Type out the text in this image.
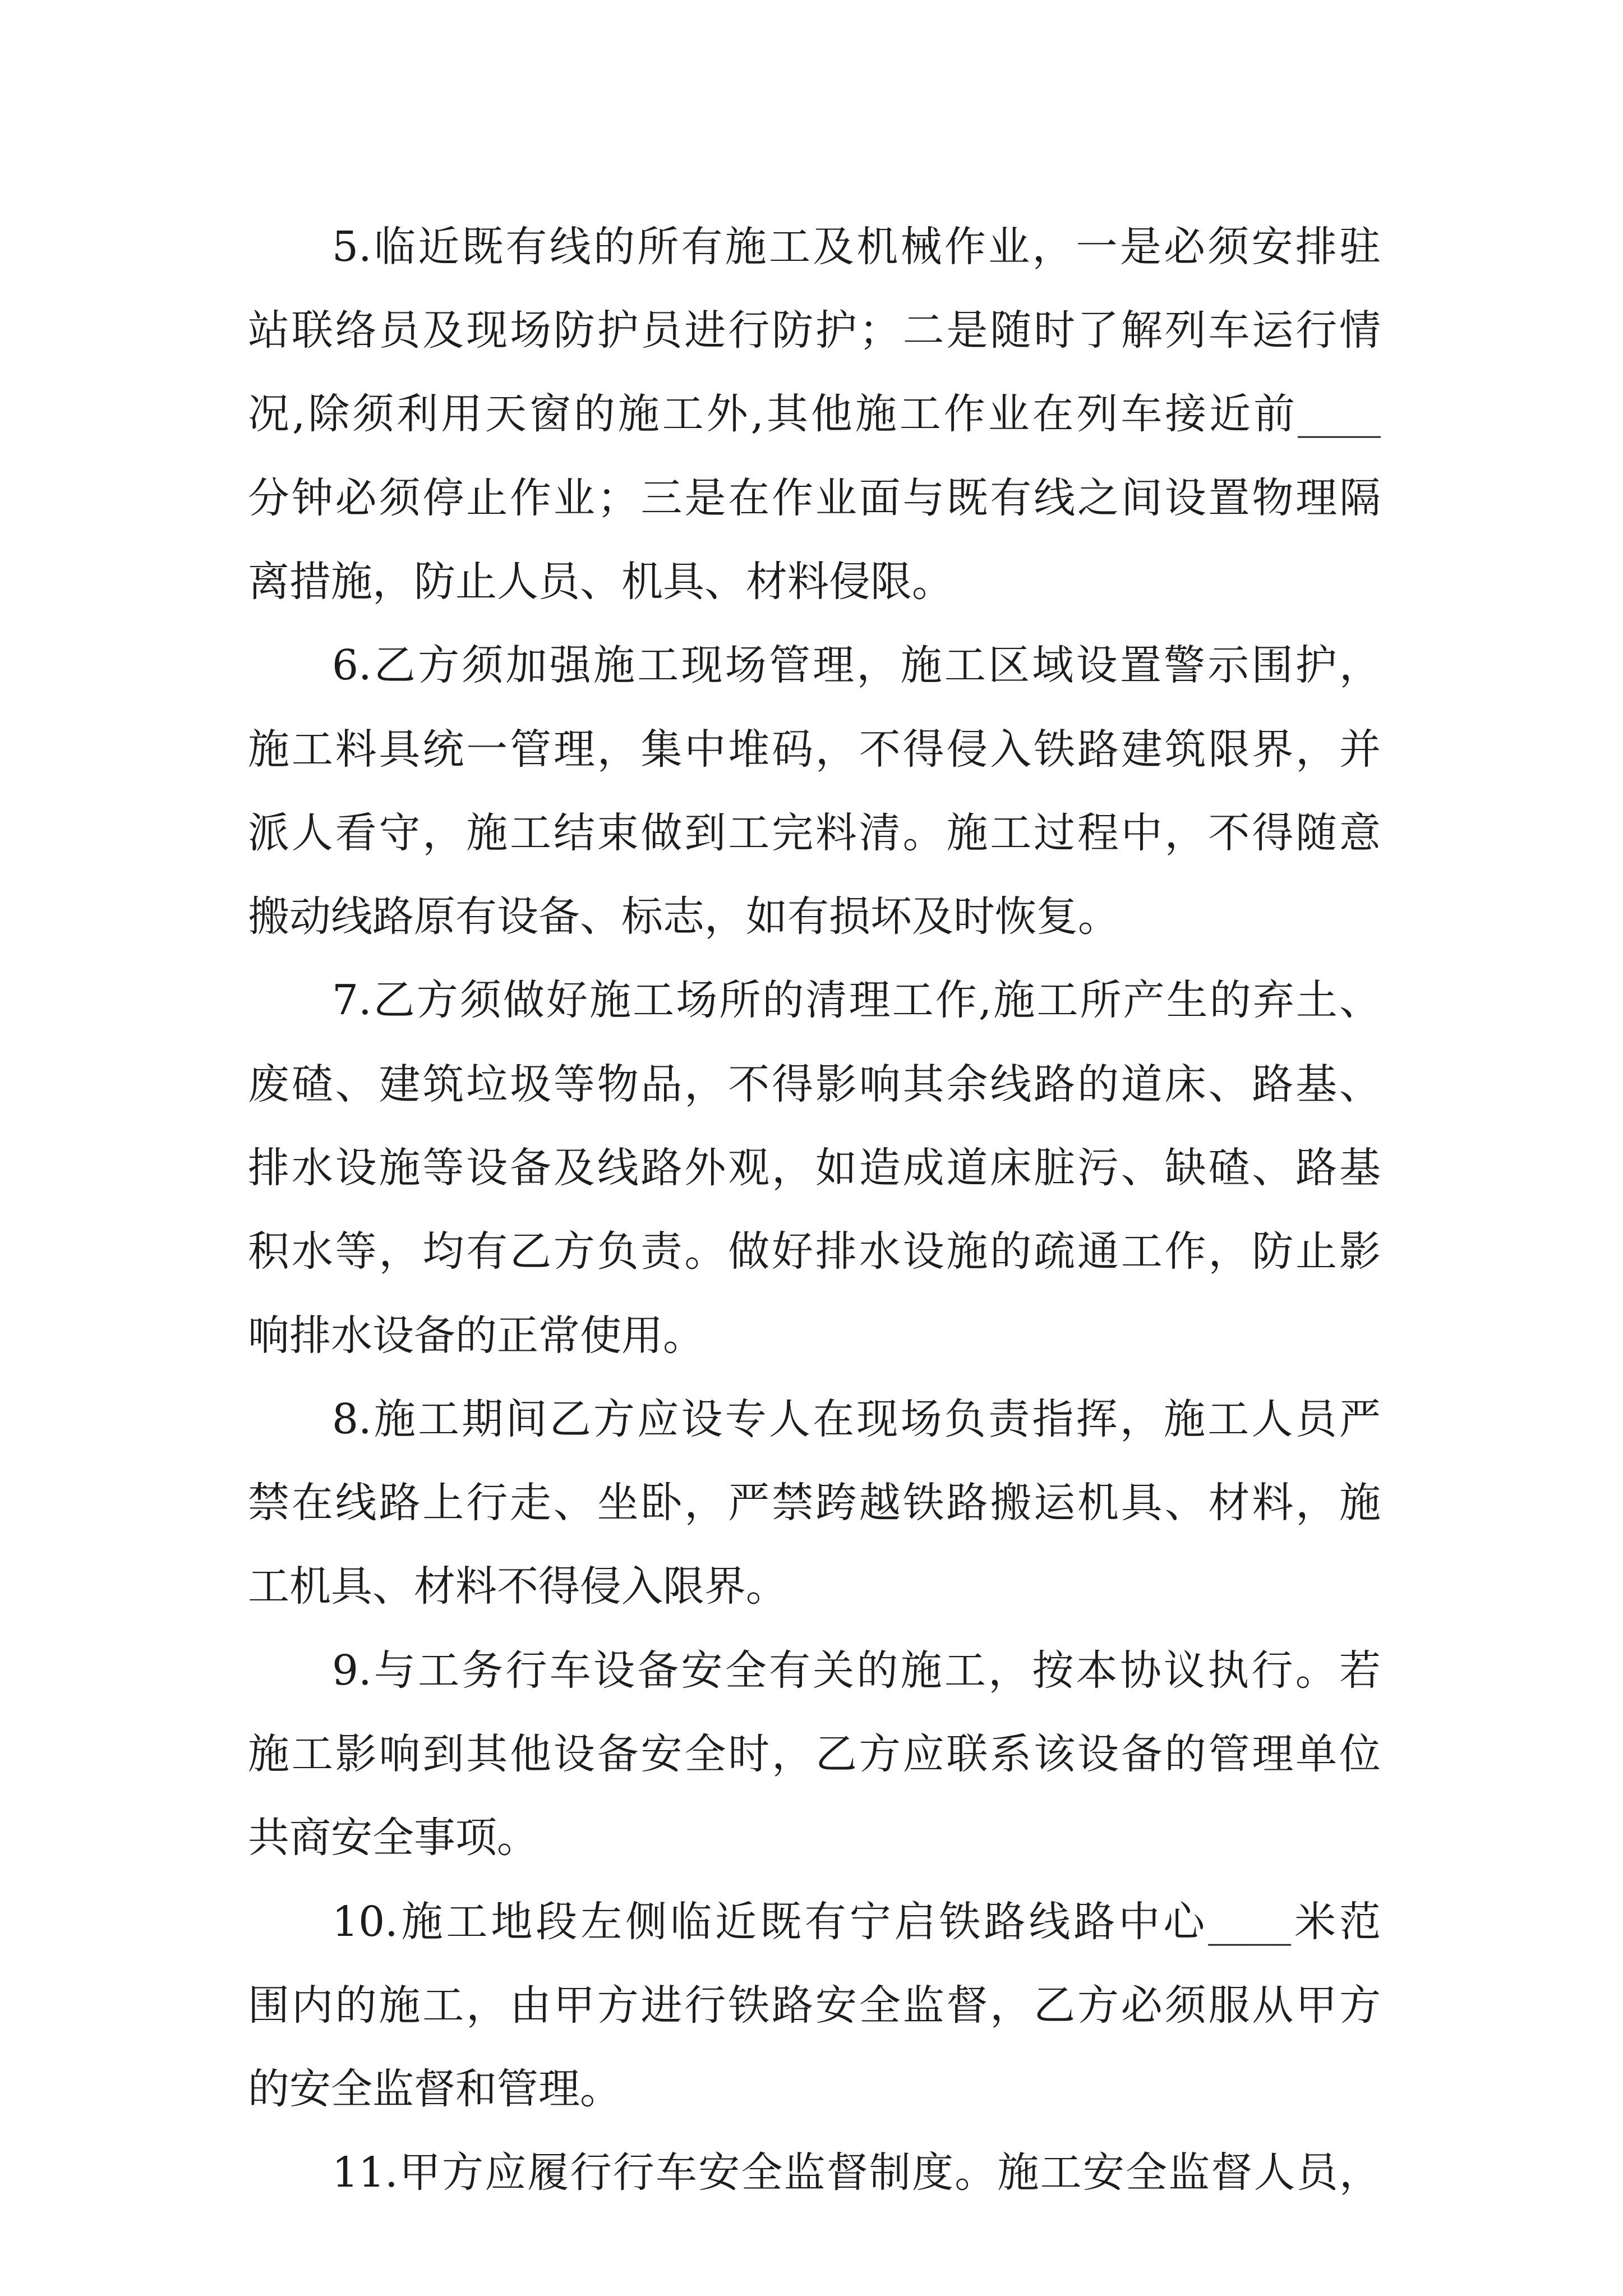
5.临近既有线的所有施工及机械作业，一是必须安排驻
站联络员及现场防护员进行防护；二是随时了解列车运行情
况,除须利用天窗的施工外,其他施工作业在列车接近前____
分钟必须停止作业；三是在作业面与既有线之间设置物理隔
离措施，防止人员、机具、材料侵限。
6.乙方须加强施工现场管理，施工区域设置警示围护，
施工料具统一管理，集中堆码，不得侵入铁路建筑限界，并
派人看守，施工结束做到工完料清。施工过程中，不得随意
搬动线路原有设备、标志，如有损坏及时恢复。
7.乙方须做好施工场所的清理工作,施工所产生的弃土、
废碴、建筑垃圾等物品，不得影响其余线路的道床、路基、
排水设施等设备及线路外观，如造成道床脏污、缺碴、路基
积水等，均有乙方负责。做好排水设施的疏通工作，防止影
响排水设备的正常使用。
8.施工期间乙方应设专人在现场负责指挥，施工人员严
禁在线路上行走、坐卧，严禁跨越铁路搬运机具、材料，施
工机具、材料不得侵入限界。
9.与工务行车设备安全有关的施工，按本协议执行。若
施工影响到其他设备安全时，乙方应联系该设备的管理单位
共商安全事项。
10.施工地段左侧临近既有宁启铁路线路中心____米范
围内的施工，由甲方进行铁路安全监督，乙方必须服从甲方
的安全监督和管理。
11.甲方应履行行车安全监督制度。施工安全监督人员，
